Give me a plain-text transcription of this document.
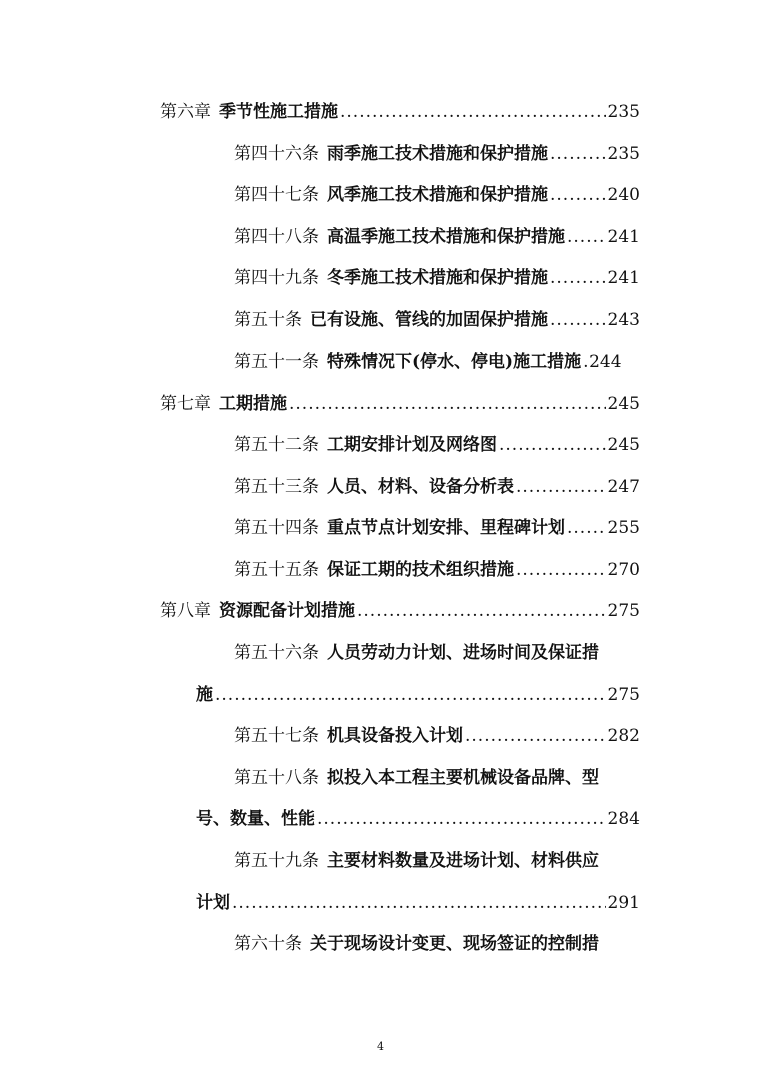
第六章 季节性施工措施 .....	235
第四十六条 雨季施工技术措施和保护措施 .....	235
第四十七条 风季施工技术措施和保护措施 .....	240
第四十八条 高温季施工技术措施和保护措施 .....	241
第四十九条 冬季施工技术措施和保护措施 .....	241
第五十条 已有设施、管线的加固保护措施 .....	243
第五十一条 特殊情况下(停水、停电)施工措施 ..... 244
第七章 工期措施 .....	245
第五十二条 工期安排计划及网络图 .....	245
第五十三条 人员、材料、设备分析表 .....	247
第五十四条 重点节点计划安排、里程碑计划 .....	255
第五十五条 保证工期的技术组织措施 .....	270
第八章 资源配备计划措施 .....	275
第五十六条 人员劳动力计划、进场时间及保证措
施 .....	275
第五十七条 机具设备投入计划 .....	282
第五十八条 拟投入本工程主要机械设备品牌、型
号、数量、性能 .....	284
第五十九条 主要材料数量及进场计划、材料供应
计划 .....	291
第六十条 关于现场设计变更、现场签证的控制措
4
